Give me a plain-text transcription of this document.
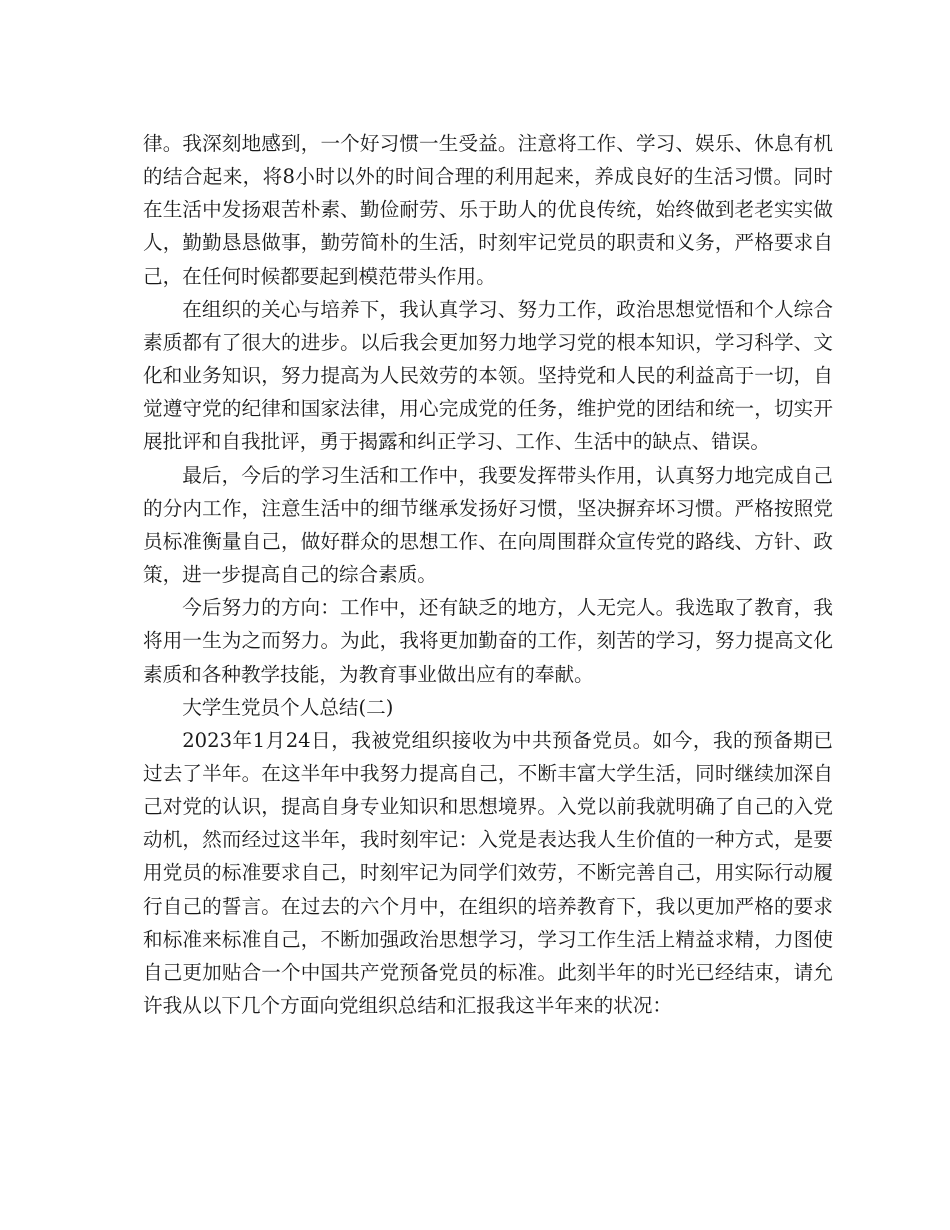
律。我深刻地感到，一个好习惯一生受益。注意将工作、学习、娱乐、休息有机的结合起来，将8小时以外的时间合理的利用起来，养成良好的生活习惯。同时在生活中发扬艰苦朴素、勤俭耐劳、乐于助人的优良传统，始终做到老老实实做人，勤勤恳恳做事，勤劳简朴的生活，时刻牢记党员的职责和义务，严格要求自己，在任何时候都要起到模范带头作用。

在组织的关心与培养下，我认真学习、努力工作，政治思想觉悟和个人综合素质都有了很大的进步。以后我会更加努力地学习党的根本知识，学习科学、文化和业务知识，努力提高为人民效劳的本领。坚持党和人民的利益高于一切，自觉遵守党的纪律和国家法律，用心完成党的任务，维护党的团结和统一，切实开展批评和自我批评，勇于揭露和纠正学习、工作、生活中的缺点、错误。

最后，今后的学习生活和工作中，我要发挥带头作用，认真努力地完成自己的分内工作，注意生活中的细节继承发扬好习惯，坚决摒弃坏习惯。严格按照党员标准衡量自己，做好群众的思想工作、在向周围群众宣传党的路线、方针、政策，进一步提高自己的综合素质。

今后努力的方向：工作中，还有缺乏的地方，人无完人。我选取了教育，我将用一生为之而努力。为此，我将更加勤奋的工作，刻苦的学习，努力提高文化素质和各种教学技能，为教育事业做出应有的奉献。

大学生党员个人总结(二)

2023年1月24日，我被党组织接收为中共预备党员。如今，我的预备期已过去了半年。在这半年中我努力提高自己，不断丰富大学生活，同时继续加深自己对党的认识，提高自身专业知识和思想境界。入党以前我就明确了自己的入党动机，然而经过这半年，我时刻牢记：入党是表达我人生价值的一种方式，是要用党员的标准要求自己，时刻牢记为同学们效劳，不断完善自己，用实际行动履行自己的誓言。在过去的六个月中，在组织的培养教育下，我以更加严格的要求和标准来标准自己，不断加强政治思想学习，学习工作生活上精益求精，力图使自己更加贴合一个中国共产党预备党员的标准。此刻半年的时光已经结束，请允许我从以下几个方面向党组织总结和汇报我这半年来的状况：
